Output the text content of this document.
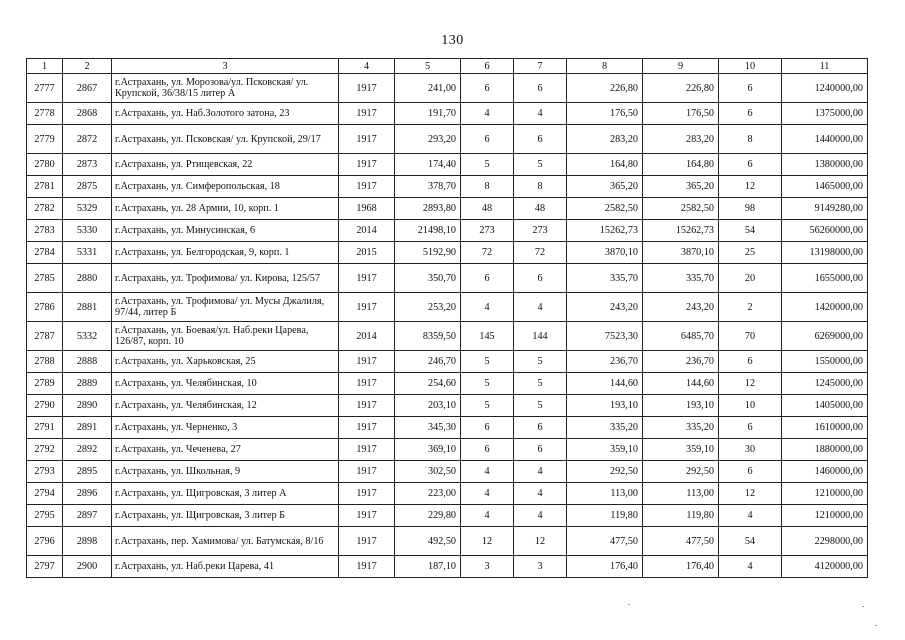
130
1	2	3	4	5	6	7	8	9	10	11
2777	2867	г.Астрахань, ул. Морозова/ул. Псковская/ ул. Крупской, 36/38/15 литер А	1917	241,00	6	6	226,80	226,80	6	1240000,00
2778	2868	г.Астрахань, ул. Наб.Золотого затона, 23	1917	191,70	4	4	176,50	176,50	6	1375000,00
2779	2872	г.Астрахань, ул. Псковская/ ул. Крупской, 29/17	1917	293,20	6	6	283,20	283,20	8	1440000,00
2780	2873	г.Астрахань, ул. Ртищевская, 22	1917	174,40	5	5	164,80	164,80	6	1380000,00
2781	2875	г.Астрахань, ул. Симферопольская, 18	1917	378,70	8	8	365,20	365,20	12	1465000,00
2782	5329	г.Астрахань, ул. 28 Армии, 10, корп. 1	1968	2893,80	48	48	2582,50	2582,50	98	9149280,00
2783	5330	г.Астрахань, ул. Минусинская, 6	2014	21498,10	273	273	15262,73	15262,73	54	56260000,00
2784	5331	г.Астрахань, ул. Белгородская, 9, корп. 1	2015	5192,90	72	72	3870,10	3870,10	25	13198000,00
2785	2880	г.Астрахань, ул. Трофимова/ ул. Кирова, 125/57	1917	350,70	6	6	335,70	335,70	20	1655000,00
2786	2881	г.Астрахань, ул. Трофимова/ ул. Мусы Джалиля, 97/44, литер Б	1917	253,20	4	4	243,20	243,20	2	1420000,00
2787	5332	г.Астрахань, ул. Боевая/ул. Наб.реки Царева, 126/87, корп. 10	2014	8359,50	145	144	7523,30	6485,70	70	6269000,00
2788	2888	г.Астрахань, ул. Харьковская, 25	1917	246,70	5	5	236,70	236,70	6	1550000,00
2789	2889	г.Астрахань, ул. Челябинская, 10	1917	254,60	5	5	144,60	144,60	12	1245000,00
2790	2890	г.Астрахань, ул. Челябинская, 12	1917	203,10	5	5	193,10	193,10	10	1405000,00
2791	2891	г.Астрахань, ул. Черненко, 3	1917	345,30	6	6	335,20	335,20	6	1610000,00
2792	2892	г.Астрахань, ул. Чеченева, 27	1917	369,10	6	6	359,10	359,10	30	1880000,00
2793	2895	г.Астрахань, ул. Школьная, 9	1917	302,50	4	4	292,50	292,50	6	1460000,00
2794	2896	г.Астрахань, ул. Щигровская, 3 литер А	1917	223,00	4	4	113,00	113,00	12	1210000,00
2795	2897	г.Астрахань, ул. Щигровская, 3 литер Б	1917	229,80	4	4	119,80	119,80	4	1210000,00
2796	2898	г.Астрахань, пер. Хамимова/ ул. Батумская, 8/16	1917	492,50	12	12	477,50	477,50	54	2298000,00
2797	2900	г.Астрахань, ул. Наб.реки Царева, 41	1917	187,10	3	3	176,40	176,40	4	4120000,00
